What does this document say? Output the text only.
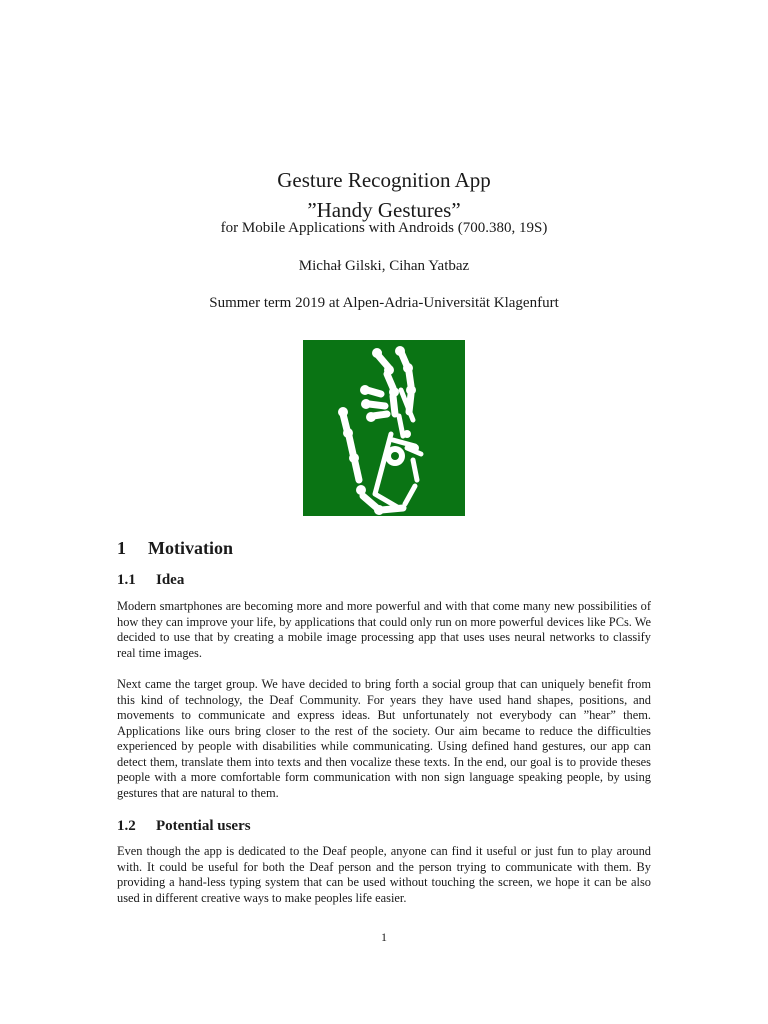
Gesture Recognition App
”Handy Gestures”
for Mobile Applications with Androids (700.380, 19S)
Michał Gilski, Cihan Yatbaz
Summer term 2019 at Alpen-Adria-Universität Klagenfurt
1 Motivation
1.1 Idea
Modern smartphones are becoming more and more powerful and with that come many new possibilities of how they can improve your life, by applications that could only run on more powerful devices like PCs. We decided to use that by creating a mobile image processing app that uses uses neural networks to classify real time images.
Next came the target group. We have decided to bring forth a social group that can uniquely benefit from this kind of technology, the Deaf Community. For years they have used hand shapes, positions, and movements to communicate and express ideas. But unfortunately not everybody can ”hear” them. Applications like ours bring closer to the rest of the society. Our aim became to reduce the difficulties experienced by people with disabilities while communicating. Using defined hand gestures, our app can detect them, translate them into texts and then vocalize these texts. In the end, our goal is to provide theses people with a more comfortable form communication with non sign language speaking people, by using gestures that are natural to them.
1.2 Potential users
Even though the app is dedicated to the Deaf people, anyone can find it useful or just fun to play around with. It could be useful for both the Deaf person and the person trying to communicate with them. By providing a hand-less typing system that can be used without touching the screen, we hope it can be also used in different creative ways to make peoples life easier.
1
